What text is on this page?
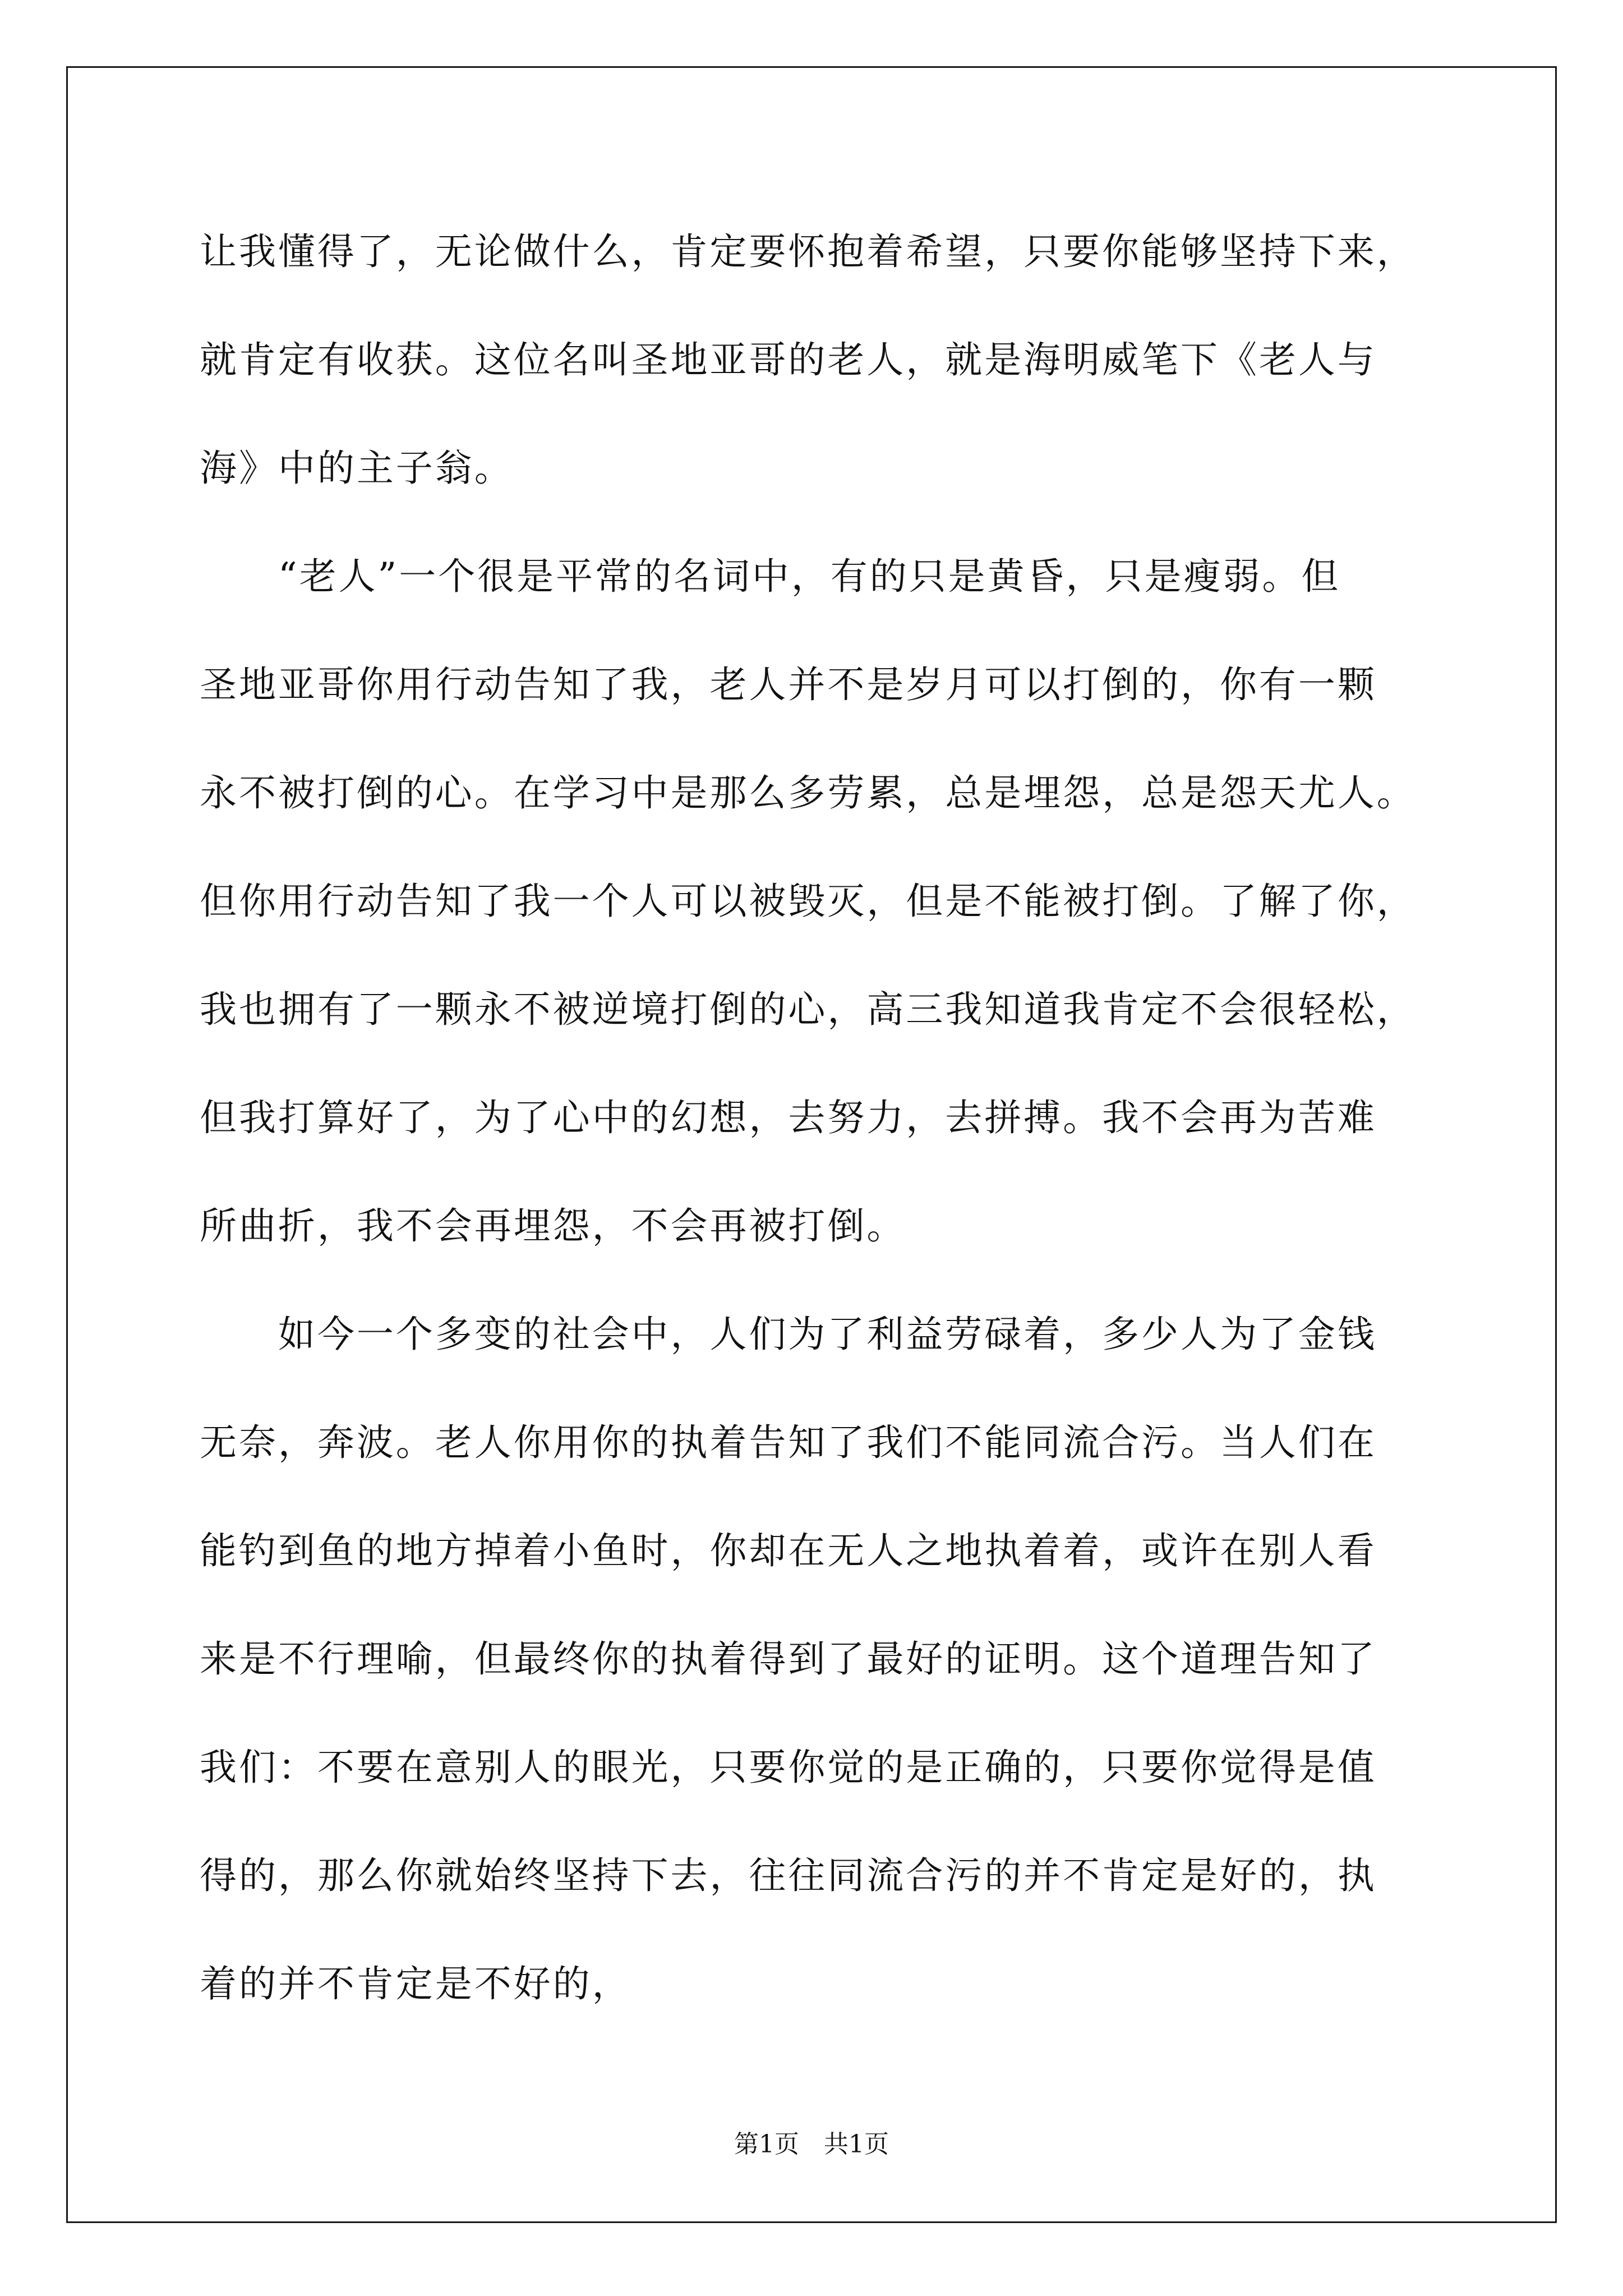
让我懂得了，无论做什么，肯定要怀抱着希望，只要你能够坚持下来，
就肯定有收获。这位名叫圣地亚哥的老人，就是海明威笔下《老人与
海》中的主子翁。
　　“老人”一个很是平常的名词中，有的只是黄昏，只是瘦弱。但
圣地亚哥你用行动告知了我，老人并不是岁月可以打倒的，你有一颗
永不被打倒的心。在学习中是那么多劳累，总是埋怨，总是怨天尤人。
但你用行动告知了我一个人可以被毁灭，但是不能被打倒。了解了你，
我也拥有了一颗永不被逆境打倒的心，高三我知道我肯定不会很轻松，
但我打算好了，为了心中的幻想，去努力，去拼搏。我不会再为苦难
所曲折，我不会再埋怨，不会再被打倒。
　　如今一个多变的社会中，人们为了利益劳碌着，多少人为了金钱
无奈，奔波。老人你用你的执着告知了我们不能同流合污。当人们在
能钓到鱼的地方掉着小鱼时，你却在无人之地执着着，或许在别人看
来是不行理喻，但最终你的执着得到了最好的证明。这个道理告知了
我们：不要在意别人的眼光，只要你觉的是正确的，只要你觉得是值
得的，那么你就始终坚持下去，往往同流合污的并不肯定是好的，执
着的并不肯定是不好的，
第1页　共1页
